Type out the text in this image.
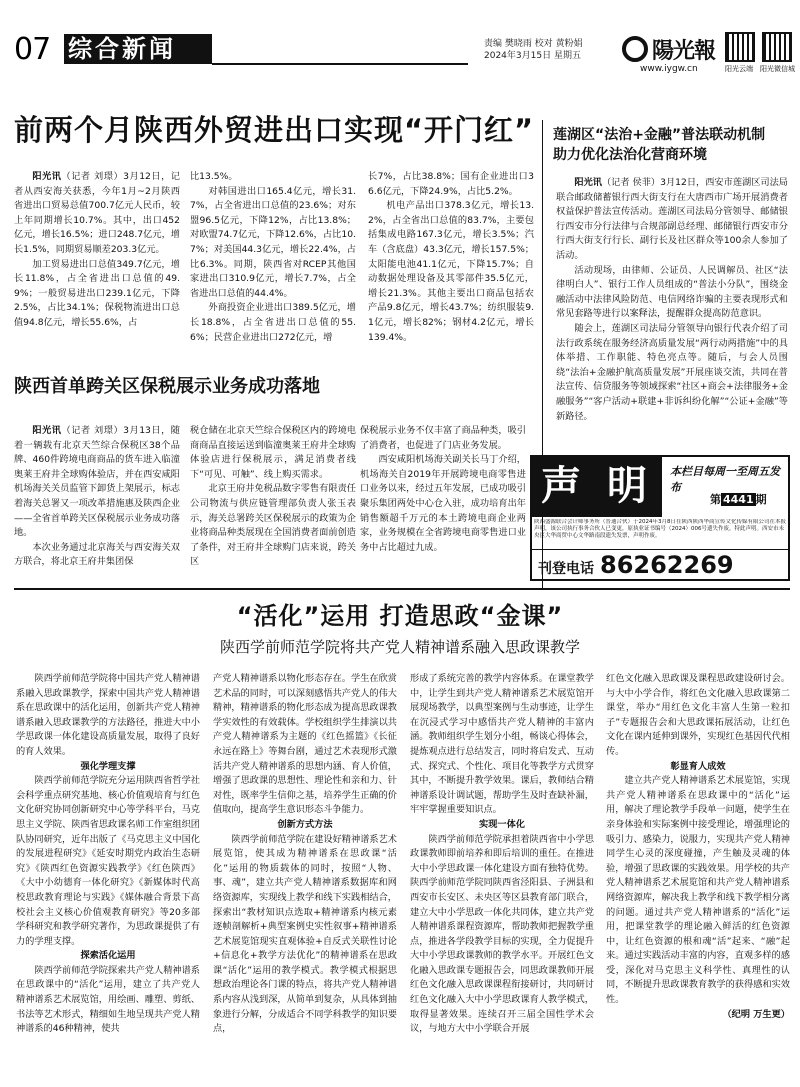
07 综合新闻	责编 樊晓雨 校对 黄粉娟
2024年3月15日 星期五	陽光報
www.iygw.cn	阳光云端 阳光微信城
前两个月陕西外贸进出口实现“开门红”

阳光讯（记者 刘璟）3月12日，记者从西安海关获悉，今年1月~2月陕西省进出口贸易总值700.7亿元人民币，较上年同期增长10.7%。其中，出口452亿元，增长16.5%；进口248.7亿元，增长1.5%，同期贸易顺差203.3亿元。

加工贸易进出口总值349.7亿元，增长11.8%，占全省进出口总值的49.9%；一般贸易进出口239.1亿元，下降2.5%，占比34.1%；保税物流进出口总值94.8亿元，增长55.6%，占

比13.5%。

对韩国进出口165.4亿元，增长31.7%，占全省进出口总值的23.6%；对东盟96.5亿元，下降12%，占比13.8%；对欧盟74.7亿元，下降12.6%，占比10.7%；对美国44.3亿元，增长22.4%，占比6.3%。同期，陕西省对RCEP其他国家进出口310.9亿元，增长7.7%，占全省进出口总值的44.4%。

外商投资企业进出口389.5亿元，增长18.8%，占全省进出口总值的55.6%；民营企业进出口272亿元，增

长7%，占比38.8%；国有企业进出口36.6亿元，下降24.9%，占比5.2%。

机电产品出口378.3亿元，增长13.2%，占全省出口总值的83.7%，主要包括集成电路167.3亿元，增长3.5%；汽车（含底盘）43.3亿元，增长157.5%；太阳能电池41.1亿元，下降15.7%；自动数据处理设备及其零部件35.5亿元，增长21.3%。其他主要出口商品包括农产品9.8亿元，增长43.7%；纺织服装9.1亿元，增长82%；钢材4.2亿元，增长139.4%。

莲湖区“法治+金融”普法联动机制
助力优化法治化营商环境

阳光讯（记者 侯菲）3月12日，西安市莲湖区司法局联合邮政储蓄银行西大街支行在大唐西市广场开展消费者权益保护普法宣传活动。莲湖区司法局分管领导、邮储银行西安市分行法律与合规部副总经理、邮储银行西安市分行西大街支行行长、副行长及社区群众等100余人参加了活动。

活动现场，由律师、公证员、人民调解员、社区“法律明白人”、银行工作人员组成的“普法小分队”，围绕金融活动中法律风险防范、电信网络诈骗的主要表现形式和常见套路等进行以案释法，提醒群众提高防范意识。

随会上，莲湖区司法局分管领导向银行代表介绍了司法行政系统在服务经济高质量发展“两行动两措施”中的具体举措、工作职能、特色亮点等。随后，与会人员围绕“法治+金融护航高质量发展”开展座谈交流，共同在普法宣传、信贷服务等领域探索“社区+商会+法律服务+金融服务”“客户活动+联建+非诉纠纷化解”“公证+金融”等新路径。

陕西首单跨关区保税展示业务成功落地

阳光讯（记者 刘璟）3月13日，随着一辆载有北京天竺综合保税区38个品牌、460件跨境电商商品的货车进入临潼奥莱王府井全球购体验店，并在西安咸阳机场海关关员监管下卸货上架展示，标志着海关总署又一项改革措施惠及陕西企业——全省首单跨关区保税展示业务成功落地。

本次业务通过北京海关与西安海关双方联合，将北京王府井集团保

税仓储在北京天竺综合保税区内的跨境电商商品直接运送到临潼奥莱王府井全球购体验店进行保税展示，满足消费者线下“可见、可触”、线上购买需求。

北京王府井免税品数字零售有限责任公司物流与供应链管理部负责人张玉表示，海关总署跨关区保税展示的政策为企业将商品种类展现在全国消费者面前创造了条件，对王府井全球购门店来说，跨关区

保税展示业务不仅丰富了商品种类，吸引了消费者，也促进了门店业务发展。

西安咸阳机场海关副关长马丁介绍，机场海关自2019年开展跨境电商零售进口业务以来，经过五年发展，已成功吸引聚乐集团两处中心仓入驻，成功培育出年销售额超千万元的本土跨境电商企业两家，业务规模在全省跨境电商零售进口业务中占比超过九成。

声 明	本栏目每周一至周五发布
第 4441 期
陕西盛源联合会计师事务所（普通合伙）于2024年3月8日在陕西陕西华商宣传文化传媒有限公司在本报声明，该公司执行事务合伙人已变更，原执业证书编号（2024）006号遗失作废，特此声明。西安市未央区大华商贸中心文华路南段遗失发票，声明作废。
刊登电话 86262269
“活化”运用 打造思政“金课”
陕西学前师范学院将共产党人精神谱系融入思政课教学

陕西学前师范学院将中国共产党人精神谱系融入思政课教学，探索中国共产党人精神谱系在思政课中的活化运用，创新共产党人精神谱系融入思政课教学的方法路径，推进大中小学思政课一体化建设高质量发展，取得了良好的育人效果。

强化学理支撑

陕西学前师范学院充分运用陕西省哲学社会科学重点研究基地、核心价值观培育与红色文化研究协同创新研究中心等学科平台，马克思主义学院、陕西省思政课名师工作室组织团队协同研究，近年出版了《马克思主义中国化的发展进程研究》《延安时期党内政治生态研究》《陕西红色资源实践教学》《红色陕西》《大中小幼德育一体化研究》《新媒体时代高校思政教育理论与实践》《媒体融合背景下高校社会主义核心价值观教育研究》等20多部学科研究和教学研究著作，为思政课提供了有力的学理支撑。

探索活化运用

陕西学前师范学院探索共产党人精神谱系在思政课中的“活化”运用，建立了共产党人精神谱系艺术展览馆，用绘画、雕塑、剪纸、书法等艺术形式，精细如生地呈现共产党人精神谱系的46种精神，使共

产党人精神谱系以物化形态存在。学生在欣赏艺术品的同时，可以深刻感悟共产党人的伟大精神，精神谱系的物化形态成为提高思政课教学实效性的有效载体。学校组织学生排演以共产党人精神谱系为主题的《红色摇篮》《长征永远在路上》等舞台剧，通过艺术表现形式激活共产党人精神谱系的思想内涵、育人价值，增强了思政课的思想性、理论性和亲和力、针对性，既率学生信仰之基，培养学生正确的价值取向，提高学生意识形态斗争能力。

创新方式方法

陕西学前师范学院在建设好精神谱系艺术展览馆，使其成为精神谱系在思政课“活化”运用的物质载体的同时，按照“人物、事、魂”，建立共产党人精神谱系数据库和网络资源库，实现线上教学和线下实践相结合，探索出“教材知识点选取+精神谱系内核元素逐帧剖解析+典型案例史实性叙事+精神谱系艺术展览馆现实直观体验+自反式关联性讨论+信息化+教学方法优化”的精神谱系在思政课“活化”运用的教学模式。教学模式根据思想政治理论各门课的特点，将共产党人精神谱系内容从浅到深，从简单到复杂，从具体到抽象进行分解，分成适合不同学科教学的知识要点，

形成了系统完善的教学内容体系。在课堂教学中，让学生到共产党人精神谱系艺术展览馆开展现场教学，以典型案例与生动事迹，让学生在沉浸式学习中感悟共产党人精神的丰富内涵。教师组织学生划分小组，畅谈心得体会，提炼观点进行总结发言，同时将启发式、互动式、探究式、个性化、项目化等教学方式贯穿其中，不断提升教学效果。课后，教师结合精神谱系设计调试题，帮助学生及时查缺补漏，牢牢掌握重要知识点。

实现一体化

陕西学前师范学院承担着陕西省中小学思政课教师即前培养和即后培训的重任。在推进大中小学思政课一体化建设方面有独特优势。陕西学前师范学院同陕西省泾阳县、子洲县和西安市长安区、未央区等区县教育部门联合，建立大中小学思政一体化共同体，建立共产党人精神谱系课程资源库，帮助教师把握教学重点，推进各学段教学目标的实现，全力促提升大中小学思政课教师的教学水平。开展红色文化融入思政课专题报告会，同思政课教师开展红色文化融入思政课课程衔接研讨，共同研讨红色文化融入大中小学思政课育人教学模式，取得显著效果。连续召开三届全国性学术会议，与地方大中小学联合开展

红色文化融入思政课及课程思政建设研讨会。与大中小学合作，将红色文化融入思政课第二课堂，举办“用红色文化丰富人生第一粒扣子”专题报告会和大思政课拓展活动，让红色文化在课内延伸到课外，实现红色基因代代相传。

彰显育人成效

建立共产党人精神谱系艺术展览馆，实现共产党人精神谱系在思政课中的“活化”运用，解决了理论教学手段单一问题，使学生在亲身体验和实际案例中接受理论，增强理论的吸引力、感染力，说服力，实现共产党人精神同学生心灵的深度碰撞，产生触及灵魂的体验，增强了思政课的实践效果。用学校的共产党人精神谱系艺术展览馆和共产党人精神谱系网络资源库，解决我上教学和线下教学相分离的问题。通过共产党人精神谱系的“活化”运用，把课堂教学的理论融入鲜活的红色资源中，让红色资源的根和魂“活”起来、“融”起来。通过实践活动丰富的内容，直观多样的感受，深化对马克思主义科学性、真理性的认同，不断提升思政课教育教学的获得感和实效性。

（纪明 万生更）
